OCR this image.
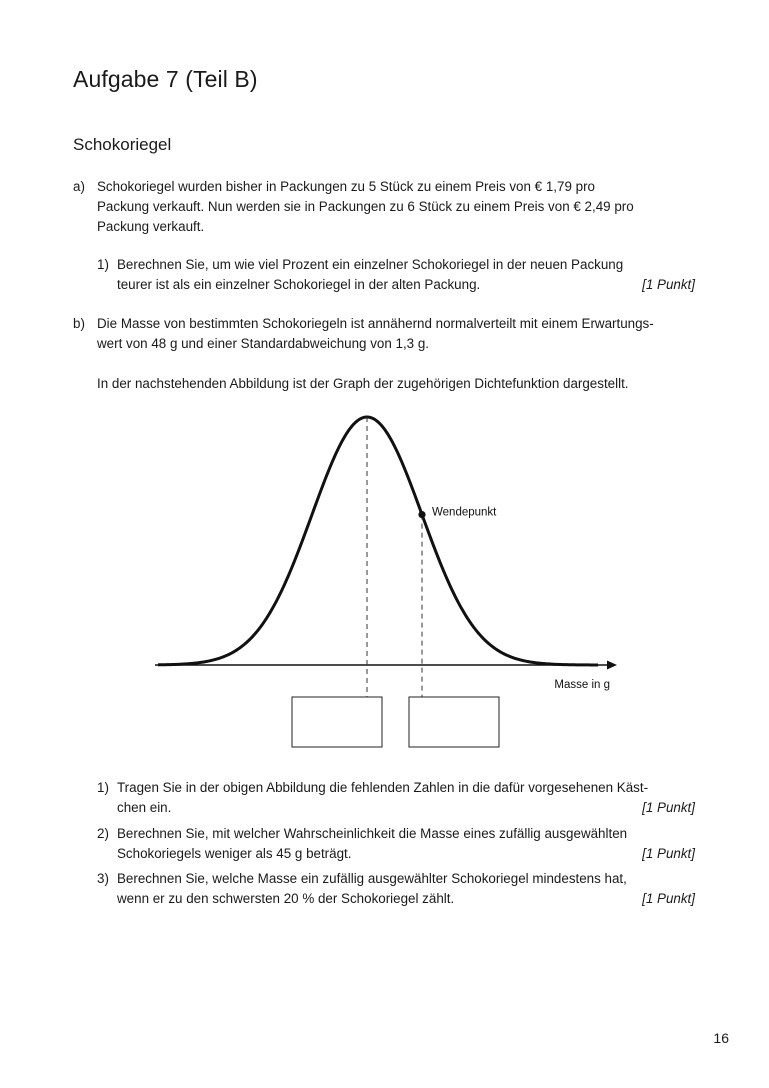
Aufgabe 7 (Teil B)
Schokoriegel
a) Schokoriegel wurden bisher in Packungen zu 5 Stück zu einem Preis von € 1,79 pro
Packung verkauft. Nun werden sie in Packungen zu 6 Stück zu einem Preis von € 2,49 pro
Packung verkauft.
1) Berechnen Sie, um wie viel Prozent ein einzelner Schokoriegel in der neuen Packung
teurer ist als ein einzelner Schokoriegel in der alten Packung.	[1 Punkt]
b) Die Masse von bestimmten Schokoriegeln ist annähernd normalverteilt mit einem Erwartungs-
wert von 48 g und einer Standardabweichung von 1,3 g.
In der nachstehenden Abbildung ist der Graph der zugehörigen Dichtefunktion dargestellt.
Masse in g
Wendepunkt
1) Tragen Sie in der obigen Abbildung die fehlenden Zahlen in die dafür vorgesehenen Käst-
chen ein.	[1 Punkt]
2) Berechnen Sie, mit welcher Wahrscheinlichkeit die Masse eines zufällig ausgewählten
Schokoriegels weniger als 45 g beträgt.	[1 Punkt]
3) Berechnen Sie, welche Masse ein zufällig ausgewählter Schokoriegel mindestens hat,
wenn er zu den schwersten 20 % der Schokoriegel zählt.	[1 Punkt]
16
